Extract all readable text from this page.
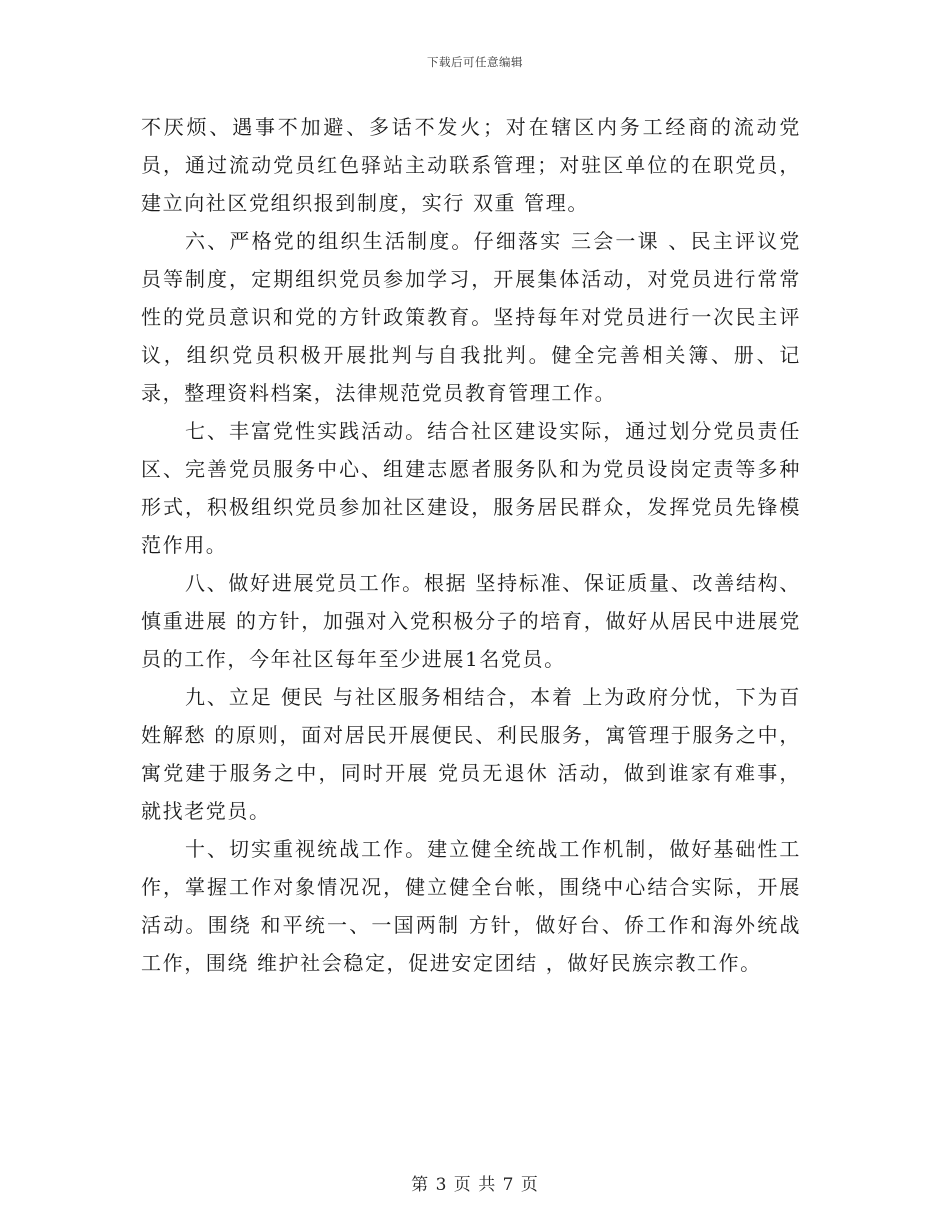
下载后可任意编辑

不厌烦、遇事不加避、多话不发火；对在辖区内务工经商的流动党员，通过流动党员红色驿站主动联系管理；对驻区单位的在职党员，建立向社区党组织报到制度，实行 双重 管理。

六、严格党的组织生活制度。仔细落实 三会一课 、民主评议党员等制度，定期组织党员参加学习，开展集体活动，对党员进行常常性的党员意识和党的方针政策教育。坚持每年对党员进行一次民主评议，组织党员积极开展批判与自我批判。健全完善相关簿、册、记录，整理资料档案，法律规范党员教育管理工作。

七、丰富党性实践活动。结合社区建设实际，通过划分党员责任区、完善党员服务中心、组建志愿者服务队和为党员设岗定责等多种形式，积极组织党员参加社区建设，服务居民群众，发挥党员先锋模范作用。

八、做好进展党员工作。根据 坚持标准、保证质量、改善结构、慎重进展 的方针，加强对入党积极分子的培育，做好从居民中进展党员的工作，今年社区每年至少进展1名党员。

九、立足 便民 与社区服务相结合，本着 上为政府分忧，下为百姓解愁 的原则，面对居民开展便民、利民服务，寓管理于服务之中，寓党建于服务之中，同时开展 党员无退休 活动，做到谁家有难事，就找老党员。

十、切实重视统战工作。建立健全统战工作机制，做好基础性工作，掌握工作对象情况况，健立健全台帐，围绕中心结合实际，开展活动。围绕 和平统一、一国两制 方针，做好台、侨工作和海外统战工作，围绕 维护社会稳定，促进安定团结 ，做好民族宗教工作。

第 3 页 共 7 页
